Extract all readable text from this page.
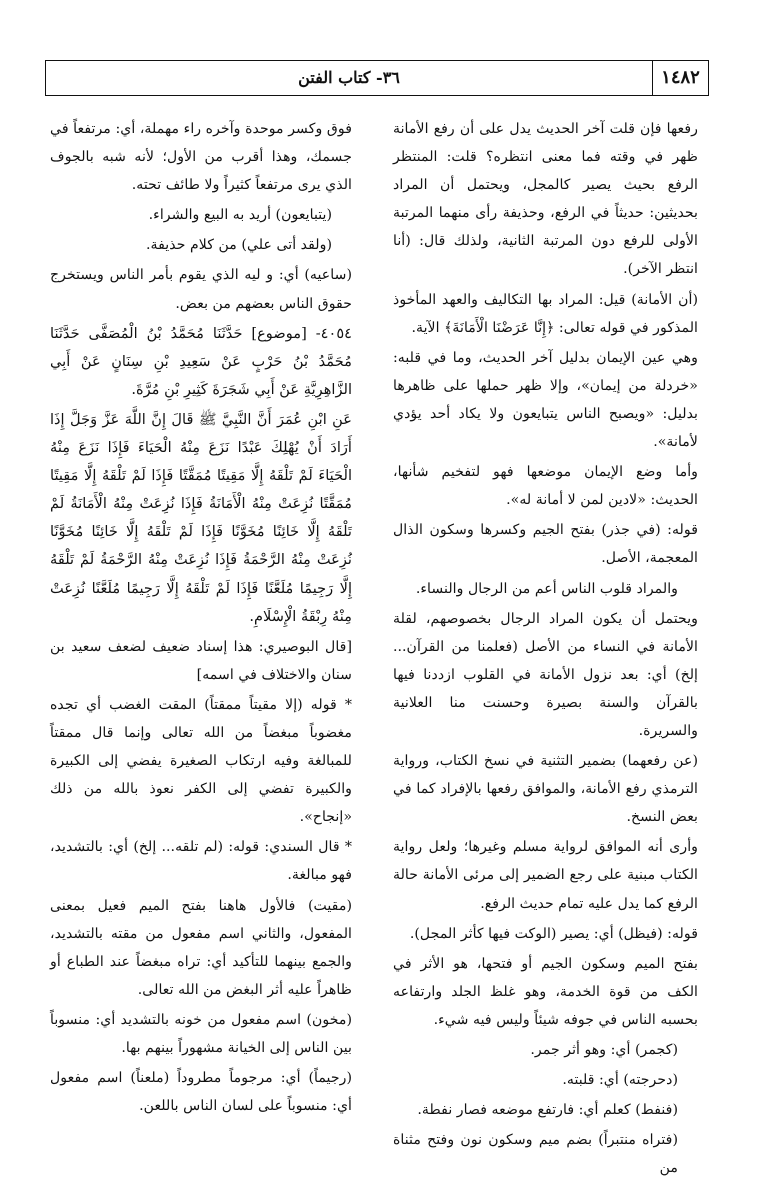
١٤٨٢
٣٦- كتاب الفتن

رفعها فإن قلت آخر الحديث يدل على أن رفع الأمانة ظهر في وقته فما معنى انتظره؟ قلت: المنتظر الرفع بحيث يصير كالمجل، ويحتمل أن المراد بحديثين: حديثاً في الرفع، وحذيفة رأى منهما المرتبة الأولى للرفع دون المرتبة الثانية، ولذلك قال: (أنا انتظر الآخر).

(أن الأمانة) قيل: المراد بها التكاليف والعهد المأخوذ المذكور في قوله تعالى: ﴿إِنَّا عَرَضْنَا الْأَمَانَةَ﴾ الآية.

وهي عين الإيمان بدليل آخر الحديث، وما في قلبه: «خردلة من إيمان»، وإلا ظهر حملها على ظاهرها بدليل: «ويصبح الناس يتبايعون ولا يكاد أحد يؤدي لأمانة».

وأما وضع الإيمان موضعها فهو لتفخيم شأنها، الحديث: «لادين لمن لا أمانة له».

قوله: (في جذر) بفتح الجيم وكسرها وسكون الذال المعجمة، الأصل.

والمراد قلوب الناس أعم من الرجال والنساء.

ويحتمل أن يكون المراد الرجال بخصوصهم، لقلة الأمانة في النساء من الأصل (فعلمنا من القرآن... إلخ) أي: بعد نزول الأمانة في القلوب ازددنا فيها بالقرآن والسنة بصيرة وحسنت منا العلانية والسريرة.

(عن رفعهما) بضمير التثنية في نسخ الكتاب، ورواية الترمذي رفع الأمانة، والموافق رفعها بالإفراد كما في بعض النسخ.

وأرى أنه الموافق لرواية مسلم وغيرها؛ ولعل رواية الكتاب مبنية على رجع الضمير إلى مرئى الأمانة حالة الرفع كما يدل عليه تمام حديث الرفع.

قوله: (فيظل) أي: يصير (الوكت فيها كأثر المجل).

بفتح الميم وسكون الجيم أو فتحها، هو الأثر في الكف من قوة الخدمة، وهو غلظ الجلد وارتفاعه بحسبه الناس في جوفه شيئاً وليس فيه شيء.

(كجمر) أي: وهو أثر جمر.

(دحرجته) أي: قلبته.

(فنفط) كعلم أي: فارتفع موضعه فصار نفطة.

(فتراه منتبراً) بضم ميم وسكون نون وفتح مثناة من

فوق وكسر موحدة وآخره راء مهملة، أي: مرتفعاً في جسمك، وهذا أقرب من الأول؛ لأنه شبه بالجوف الذي يرى مرتفعاً كثيراً ولا طائف تحته.

(يتبايعون) أريد به البيع والشراء.

(ولقد أتى علي) من كلام حذيفة.

(ساعيه) أي: و ليه الذي يقوم بأمر الناس ويستخرج حقوق الناس بعضهم من بعض.

٤٠٥٤- [موضوع] حَدَّثَنَا مُحَمَّدُ بْنُ الْمُصَفَّى حَدَّثَنَا مُحَمَّدُ بْنُ حَرْبٍ عَنْ سَعِيدِ بْنِ سِنَانٍ عَنْ أَبِي الزَّاهِرِيَّةِ عَنْ أَبِي شَجَرَةَ كَثِيرِ بْنِ مُرَّةَ.

عَنِ ابْنِ عُمَرَ أَنَّ النَّبِيَّ ﷺ قَالَ إِنَّ اللَّهَ عَزَّ وَجَلَّ إِذَا أَرَادَ أَنْ يُهْلِكَ عَبْدًا نَزَعَ مِنْهُ الْحَيَاءَ فَإِذَا نَزَعَ مِنْهُ الْحَيَاءَ لَمْ تَلْقَهُ إِلَّا مَقِيتًا مُمَقَّتًا فَإِذَا لَمْ تَلْقَهُ إِلَّا مَقِيتًا مُمَقَّتًا نُزِعَتْ مِنْهُ الْأَمَانَةُ فَإِذَا نُزِعَتْ مِنْهُ الْأَمَانَةُ لَمْ تَلْقَهُ إِلَّا خَائِنًا مُخَوَّنًا فَإِذَا لَمْ تَلْقَهُ إِلَّا خَائِنًا مُخَوَّنًا نُزِعَتْ مِنْهُ الرَّحْمَةُ فَإِذَا نُزِعَتْ مِنْهُ الرَّحْمَةُ لَمْ تَلْقَهُ إِلَّا رَجِيمًا مُلَعَّنًا فَإِذَا لَمْ تَلْقَهُ إِلَّا رَجِيمًا مُلَعَّنًا نُزِعَتْ مِنْهُ رِبْقَةُ الْإِسْلَامِ.

[قال البوصيري: هذا إسناد ضعيف لضعف سعيد بن سنان والاختلاف في اسمه]

* قوله (إلا مقيتاً ممقتاً) المقت الغضب أي تجده مغضوباً مبغضاً من الله تعالى وإنما قال ممقتاً للمبالغة وفيه ارتكاب الصغيرة يفضي إلى الكبيرة والكبيرة تفضي إلى الكفر نعوذ بالله من ذلك «إنجاح».

* قال السندي: قوله: (لم تلقه... إلخ) أي: بالتشديد، فهو مبالغة.

(مقيت) فالأول هاهنا بفتح الميم فعيل بمعنى المفعول، والثاني اسم مفعول من مقته بالتشديد، والجمع بينهما للتأكيد أي: تراه مبغضاً عند الطباع أو ظاهراً عليه أثر البغض من الله تعالى.

(مخون) اسم مفعول من خونه بالتشديد أي: منسوباً بين الناس إلى الخيانة مشهوراً بينهم بها.

(رجيماً) أي: مرجوماً مطروداً (ملعناً) اسم مفعول أي: منسوباً على لسان الناس باللعن.
